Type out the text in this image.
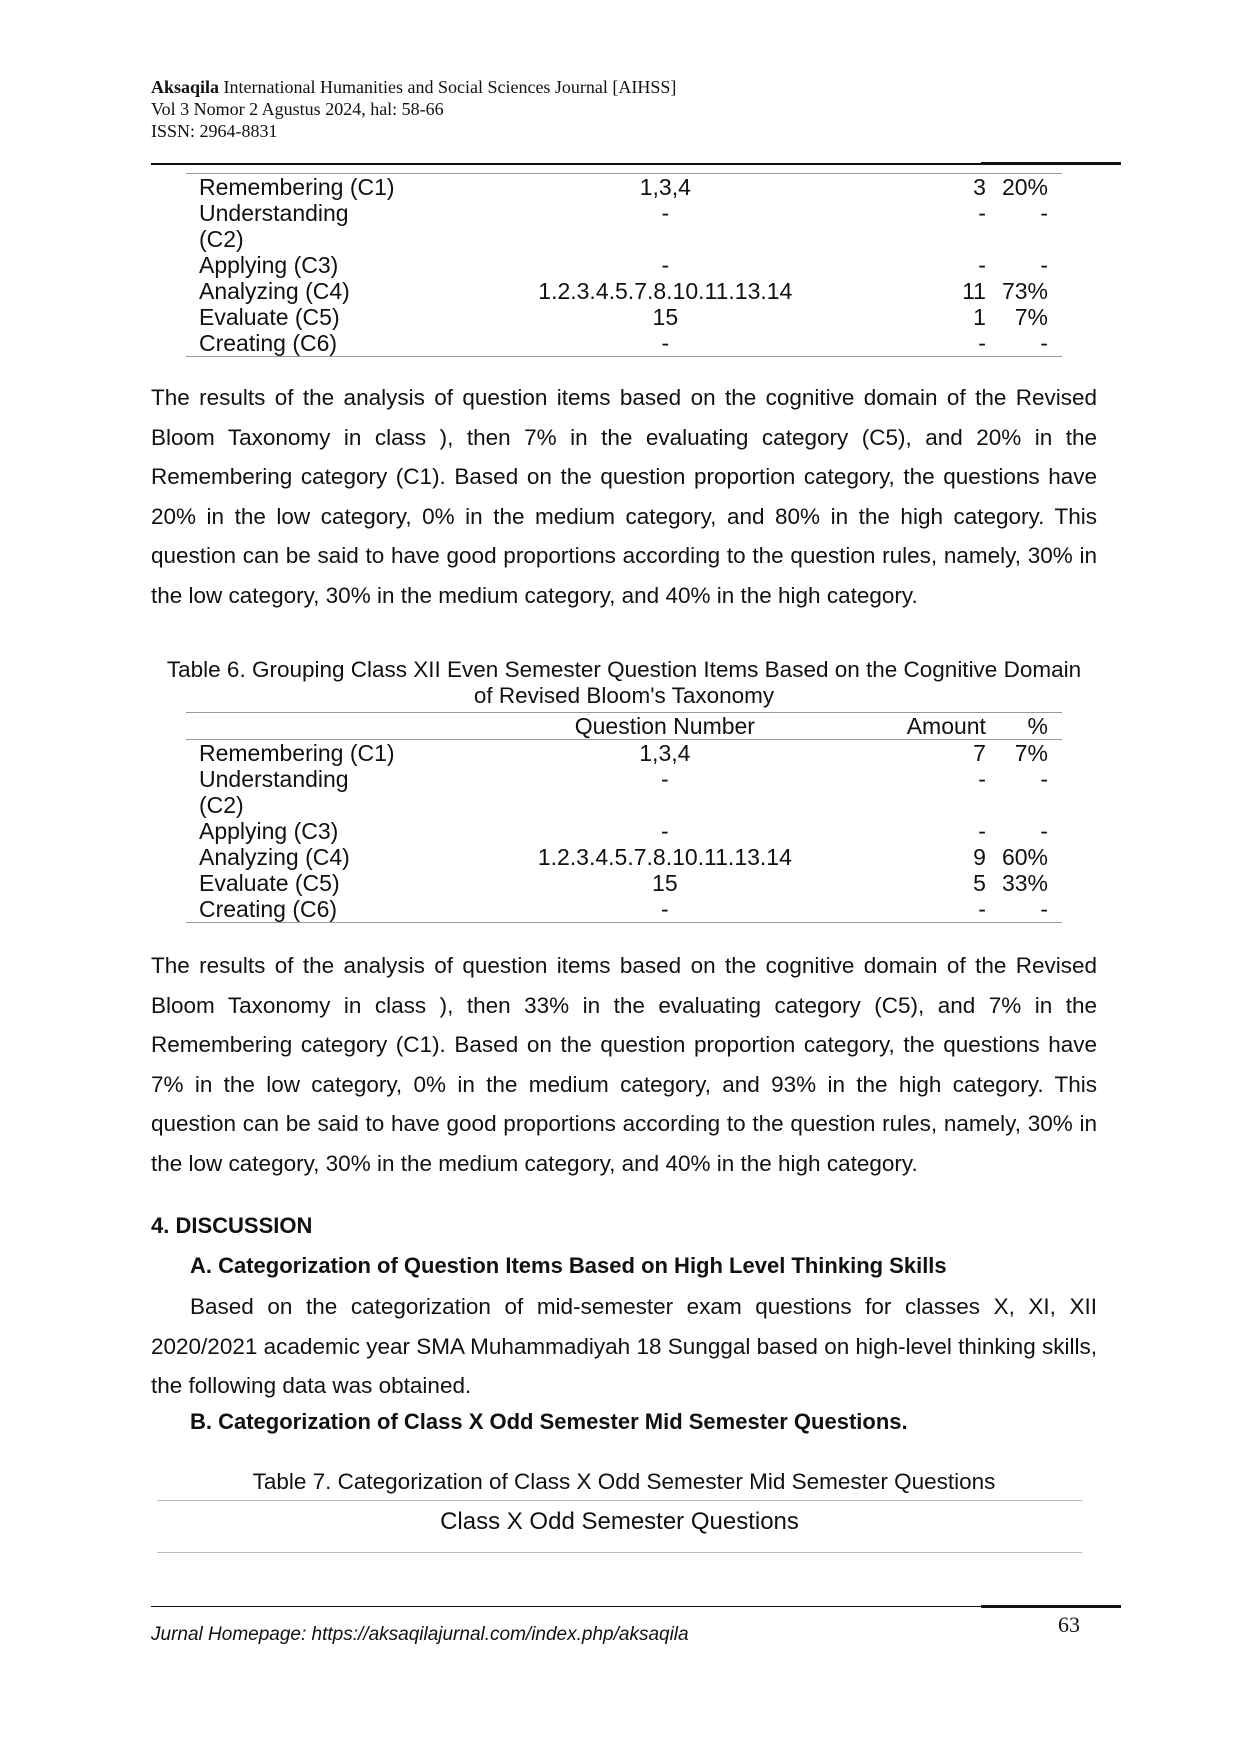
Aksaqila International Humanities and Social Sciences Journal [AIHSS]
Vol 3 Nomor 2 Agustus 2024, hal: 58-66
ISSN: 2964-8831
Remembering (C1)	1,3,4	3	20%

Understanding
(C2)	-	-	-
Applying (C3)	-	-	-
Analyzing (C4)	1.2.3.4.5.7.8.10.11.13.14	11	73%
Evaluate (C5)	15	1	7%
Creating (C6)	-	-	-
The results of the analysis of question items based on the cognitive domain of the Revised Bloom Taxonomy in class ), then 7% in the evaluating category (C5), and 20% in the Remembering category (C1). Based on the question proportion category, the questions have 20% in the low category, 0% in the medium category, and 80% in the high category. This question can be said to have good proportions according to the question rules, namely, 30% in the low category, 30% in the medium category, and 40% in the high category.
Table 6. Grouping Class XII Even Semester Question Items Based on the Cognitive Domain
of Revised Bloom's Taxonomy
	Question Number	Amount	%
Remembering (C1)	1,3,4	7	7%

Understanding
(C2)	-	-	-
Applying (C3)	-	-	-
Analyzing (C4)	1.2.3.4.5.7.8.10.11.13.14	9	60%
Evaluate (C5)	15	5	33%
Creating (C6)	-	-	-
The results of the analysis of question items based on the cognitive domain of the Revised Bloom Taxonomy in class ), then 33% in the evaluating category (C5), and 7% in the Remembering category (C1). Based on the question proportion category, the questions have 7% in the low category, 0% in the medium category, and 93% in the high category. This question can be said to have good proportions according to the question rules, namely, 30% in the low category, 30% in the medium category, and 40% in the high category.
4. DISCUSSION
A. Categorization of Question Items Based on High Level Thinking Skills
Based on the categorization of mid-semester exam questions for classes X, XI, XII 2020/2021 academic year SMA Muhammadiyah 18 Sunggal based on high-level thinking skills, the following data was obtained.
B. Categorization of Class X Odd Semester Mid Semester Questions.
Table 7. Categorization of Class X Odd Semester Mid Semester Questions
Class X Odd Semester Questions
Jurnal Homepage: https://aksaqilajurnal.com/index.php/aksaqila	63
